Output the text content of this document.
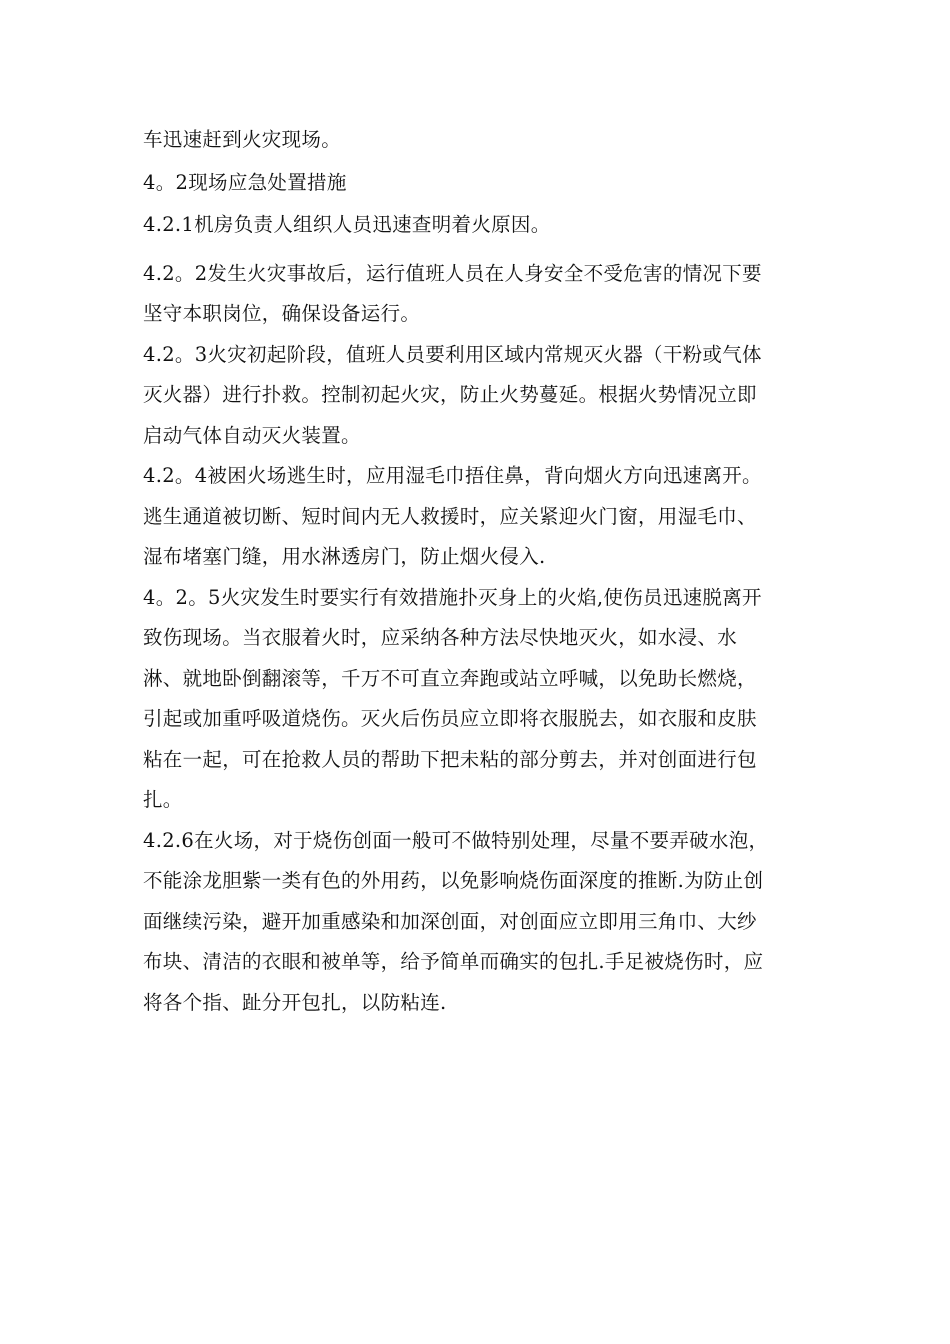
车迅速赶到火灾现场。

4。2现场应急处置措施

4.2.1机房负责人组织人员迅速查明着火原因。

4.2。2发生火灾事故后，运行值班人员在人身安全不受危害的情况下要
坚守本职岗位，确保设备运行。

4.2。3火灾初起阶段，值班人员要利用区域内常规灭火器（干粉或气体
灭火器）进行扑救。控制初起火灾，防止火势蔓延。根据火势情况立即
启动气体自动灭火装置。

4.2。4被困火场逃生时，应用湿毛巾捂住鼻，背向烟火方向迅速离开。
逃生通道被切断、短时间内无人救援时，应关紧迎火门窗，用湿毛巾、
湿布堵塞门缝，用水淋透房门，防止烟火侵入.

4。2。5火灾发生时要实行有效措施扑灭身上的火焰,使伤员迅速脱离开
致伤现场。当衣服着火时，应采纳各种方法尽快地灭火，如水浸、水
淋、就地卧倒翻滚等，千万不可直立奔跑或站立呼喊，以免助长燃烧，
引起或加重呼吸道烧伤。灭火后伤员应立即将衣服脱去，如衣服和皮肤
粘在一起，可在抢救人员的帮助下把未粘的部分剪去，并对创面进行包
扎。

4.2.6在火场，对于烧伤创面一般可不做特别处理，尽量不要弄破水泡，
不能涂龙胆紫一类有色的外用药，以免影响烧伤面深度的推断.为防止创
面继续污染，避开加重感染和加深创面，对创面应立即用三角巾、大纱
布块、清洁的衣眼和被单等，给予简单而确实的包扎.手足被烧伤时，应
将各个指、趾分开包扎，以防粘连.
